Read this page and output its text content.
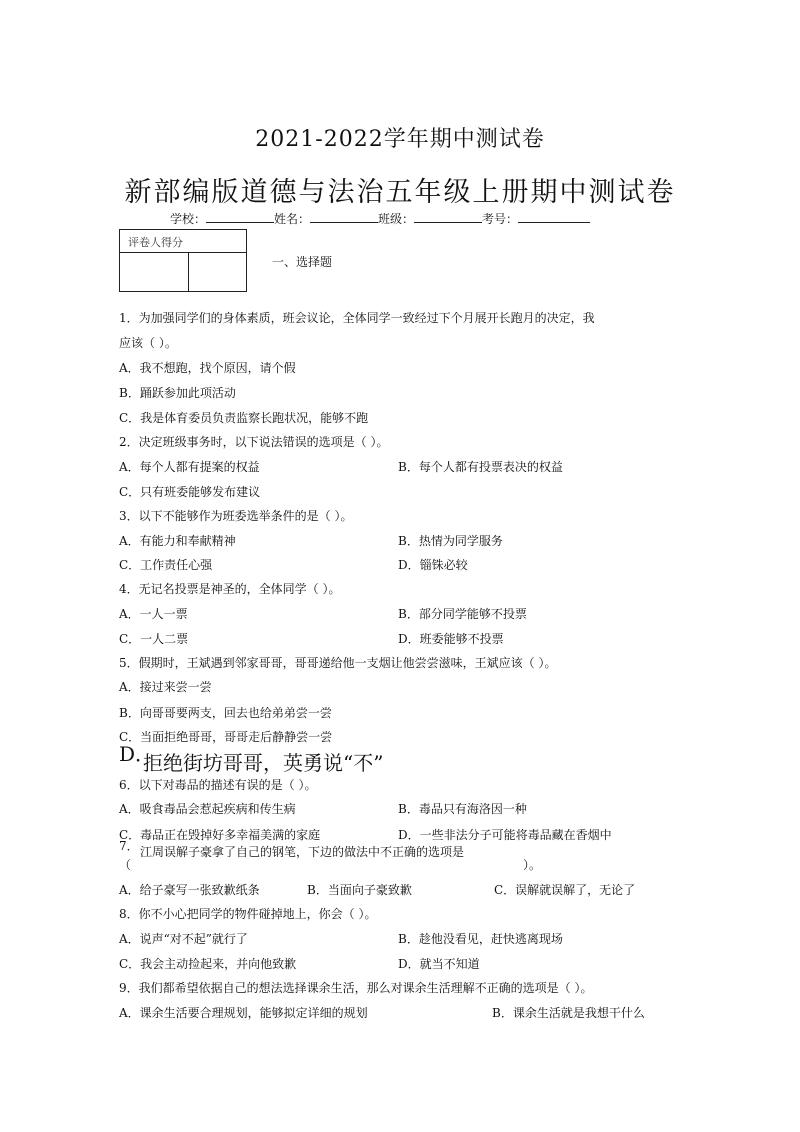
2021-2022学年期中测试卷
新部编版道德与法治五年级上册期中测试卷
学校：	姓名：	班级：	考号：
评卷人得分
一、选择题
1．为加强同学们的身体素质，班会议论，全体同学一致经过下个月展开长跑月的决定，我
应该（ ）。
A．我不想跑，找个原因，请个假
B．踊跃参加此项活动
C．我是体育委员负责监察长跑状况，能够不跑
2．决定班级事务时，以下说法错误的选项是（ ）。
A．每个人都有提案的权益	B．每个人都有投票表决的权益
C．只有班委能够发布建议
3．以下不能够作为班委选举条件的是（ ）。
A．有能力和奉献精神	B．热情为同学服务
C．工作责任心强	D．锱铢必较
4．无记名投票是神圣的，全体同学（ ）。
A．一人一票	B．部分同学能够不投票
C．一人二票	D．班委能够不投票
5．假期时，王斌遇到邻家哥哥，哥哥递给他一支烟让他尝尝滋味，王斌应该（ ）。
A．接过来尝一尝
B．向哥哥要两支，回去也给弟弟尝一尝
C．当面拒绝哥哥，哥哥走后静静尝一尝
D．
拒绝街坊哥哥，英勇说“不”
6．以下对毒品的描述有误的是（ ）。
A．吸食毒品会惹起疾病和传生病	B．毒品只有海洛因一种
C．毒品正在毁掉好多幸福美满的家庭	D．一些非法分子可能将毒品藏在香烟中
7． 江周误解子豪拿了自己的钢笔，下边的做法中不正确的选项是
（	）。
A．给子豪写一张致歉纸条	B．当面向子豪致歉	C．误解就误解了，无论了
8．你不小心把同学的物件碰掉地上，你会（ ）。
A．说声“对不起”就行了	B．趁他没看见，赶快逃离现场
C．我会主动捡起来，并向他致歉	D．就当不知道
9．我们都希望依据自己的想法选择课余生活，那么对课余生活理解不正确的选项是（ ）。
A．课余生活要合理规划，能够拟定详细的规划	B．课余生活就是我想干什么
